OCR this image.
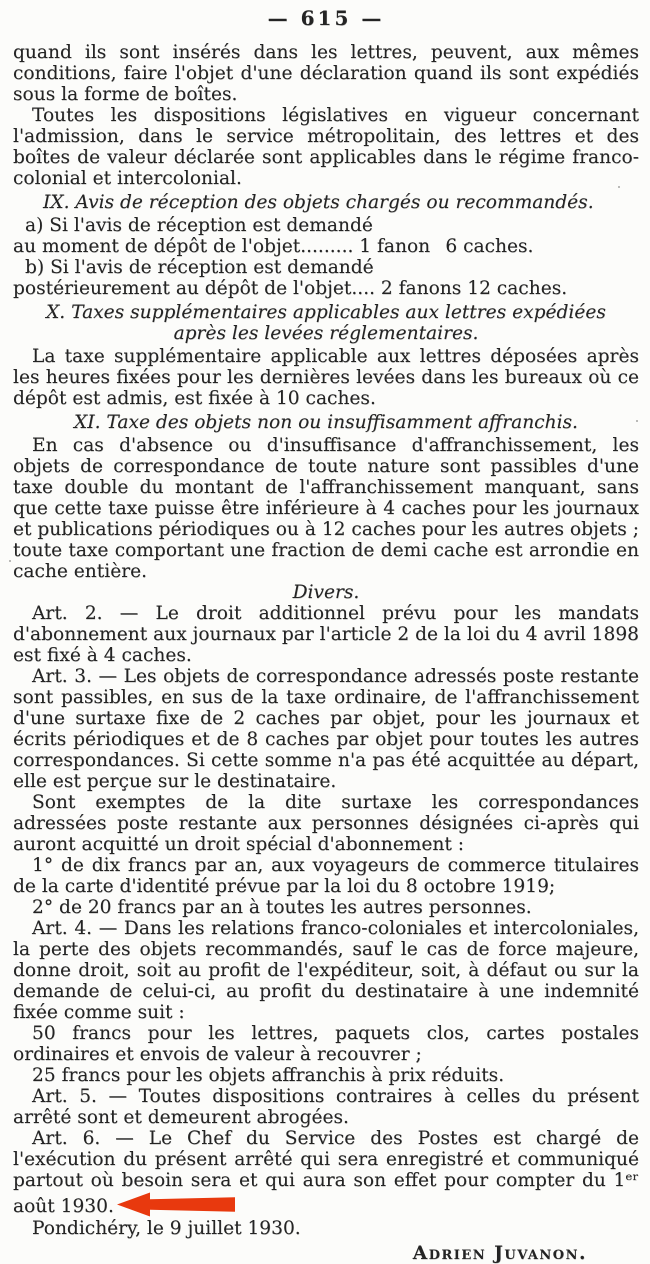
— 615 —

quand ils sont insérés dans les lettres, peuvent, aux mêmes conditions, faire l'objet d'une déclaration quand ils sont expédiés sous la forme de boîtes.

Toutes les dispositions législatives en vigueur concernant l'admission, dans le service métropolitain, des lettres et des boîtes de valeur déclarée sont applicables dans le régime franco-colonial et intercolonial.

IX. Avis de réception des objets chargés ou recommandés.

a) Si l'avis de réception est demandé

au moment de dépôt de l'objet......... 1 fanon  6 caches.

b) Si l'avis de réception est demandé

postérieurement au dépôt de l'objet.... 2 fanons 12 caches.

X. Taxes supplémentaires applicables aux lettres expédiées après les levées réglementaires.

La taxe supplémentaire applicable aux lettres déposées après les heures fixées pour les dernières levées dans les bureaux où ce dépôt est admis, est fixée à 10 caches.

XI. Taxe des objets non ou insuffisamment affranchis.

En cas d'absence ou d'insuffisance d'affranchissement, les objets de correspondance de toute nature sont passibles d'une taxe double du montant de l'affranchissement manquant, sans que cette taxe puisse être inférieure à 4 caches pour les journaux et publications périodiques ou à 12 caches pour les autres objets ; toute taxe comportant une fraction de demi cache est arrondie en cache entière.

Divers.

Art. 2. — Le droit additionnel prévu pour les mandats d'abonnement aux journaux par l'article 2 de la loi du 4 avril 1898 est fixé à 4 caches.

Art. 3. — Les objets de correspondance adressés poste restante sont passibles, en sus de la taxe ordinaire, de l'affranchissement d'une surtaxe fixe de 2 caches par objet, pour les journaux et écrits périodiques et de 8 caches par objet pour toutes les autres correspondances. Si cette somme n'a pas été acquittée au départ, elle est perçue sur le destinataire.

Sont exemptes de la dite surtaxe les correspondances adressées poste restante aux personnes désignées ci-après qui auront acquitté un droit spécial d'abonnement :

1° de dix francs par an, aux voyageurs de commerce titulaires de la carte d'identité prévue par la loi du 8 octobre 1919;

2° de 20 francs par an à toutes les autres personnes.

Art. 4. — Dans les relations franco-coloniales et intercoloniales, la perte des objets recommandés, sauf le cas de force majeure, donne droit, soit au profit de l'expéditeur, soit, à défaut ou sur la demande de celui-ci, au profit du destinataire à une indemnité fixée comme suit :

50 francs pour les lettres, paquets clos, cartes postales ordinaires et envois de valeur à recouvrer ;

25 francs pour les objets affranchis à prix réduits.

Art. 5. — Toutes dispositions contraires à celles du présent arrêté sont et demeurent abrogées.

Art. 6. — Le Chef du Service des Postes est chargé de l'exécution du présent arrêté qui sera enregistré et communiqué partout où besoin sera et qui aura son effet pour compter du 1ᵉʳ août 1930.

Pondichéry, le 9 juillet 1930.

Adrien Juvanon.
